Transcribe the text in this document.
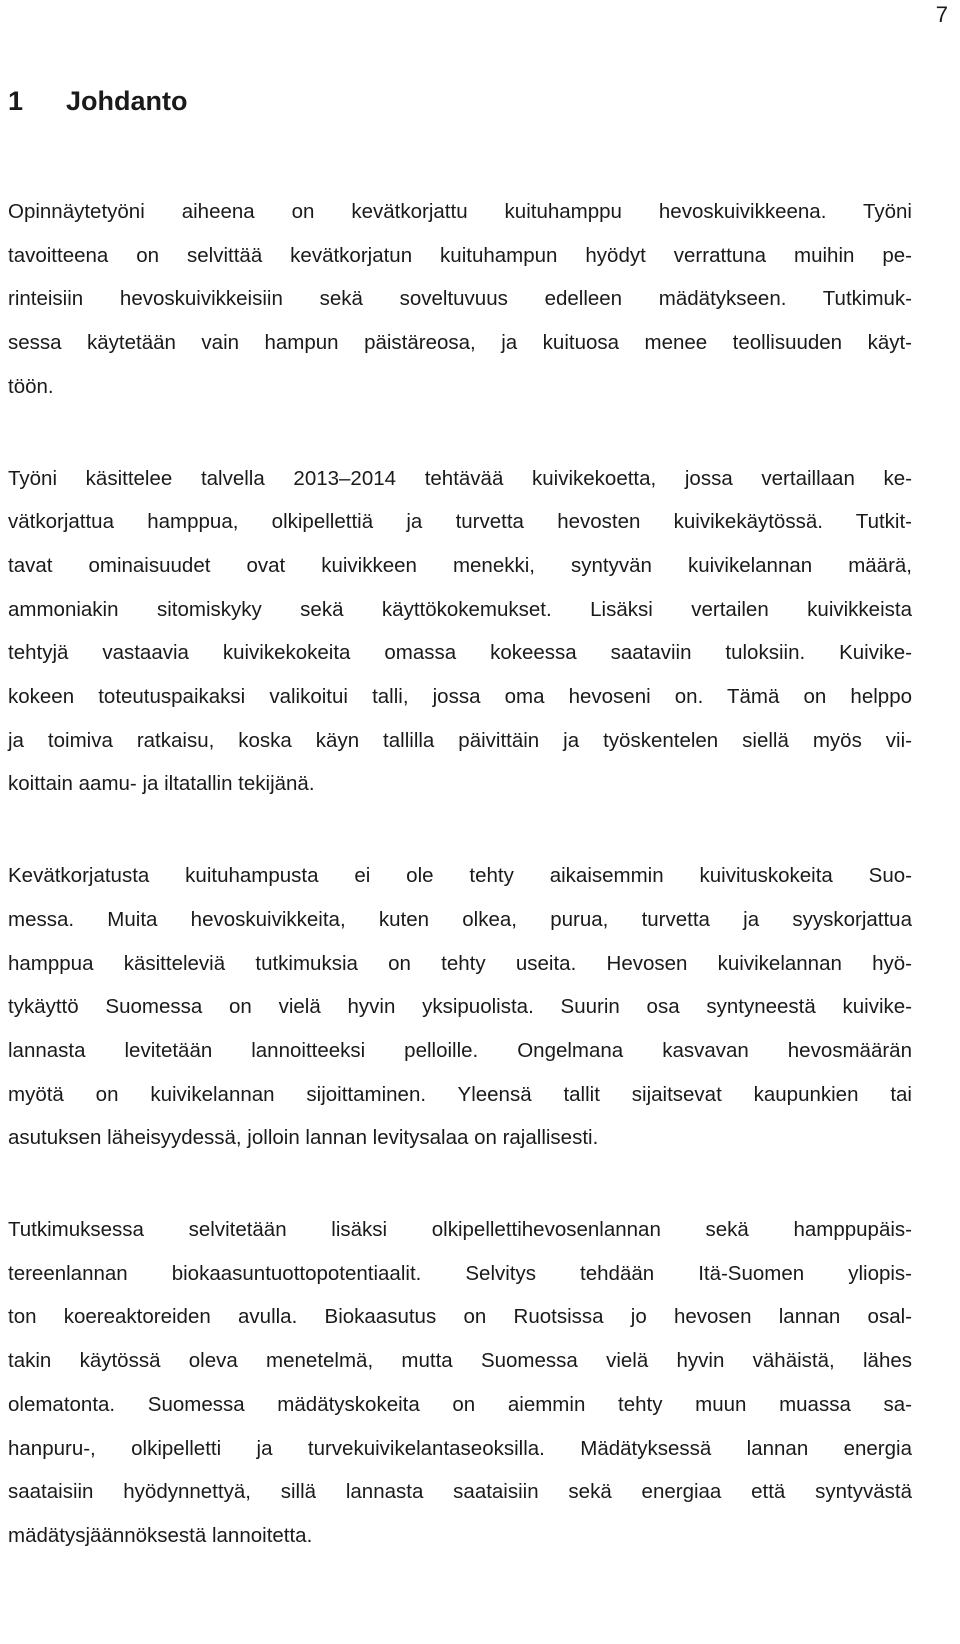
7
1 Johdanto

Opinnäytetyöni aiheena on kevätkorjattu kuituhamppu hevoskuivikkeena. Työni
tavoitteena on selvittää kevätkorjatun kuituhampun hyödyt verrattuna muihin pe-
rinteisiin hevoskuivikkeisiin sekä soveltuvuus edelleen mädätykseen. Tutkimuk-
sessa käytetään vain hampun päistäreosa, ja kuituosa menee teollisuuden käyt-
töön.

Työni käsittelee talvella 2013–2014 tehtävää kuivikekoetta, jossa vertaillaan ke-
vätkorjattua hamppua, olkipellettiä ja turvetta hevosten kuivikekäytössä. Tutkit-
tavat ominaisuudet ovat kuivikkeen menekki, syntyvän kuivikelannan määrä,
ammoniakin sitomiskyky sekä käyttökokemukset. Lisäksi vertailen kuivikkeista
tehtyjä vastaavia kuivikekokeita omassa kokeessa saataviin tuloksiin. Kuivike-
kokeen toteutuspaikaksi valikoitui talli, jossa oma hevoseni on. Tämä on helppo
ja toimiva ratkaisu, koska käyn tallilla päivittäin ja työskentelen siellä myös vii-
koittain aamu- ja iltatallin tekijänä.

Kevätkorjatusta kuituhampusta ei ole tehty aikaisemmin kuivituskokeita Suo-
messa. Muita hevoskuivikkeita, kuten olkea, purua, turvetta ja syyskorjattua
hamppua käsitteleviä tutkimuksia on tehty useita. Hevosen kuivikelannan hyö-
tykäyttö Suomessa on vielä hyvin yksipuolista. Suurin osa syntyneestä kuivike-
lannasta levitetään lannoitteeksi pelloille. Ongelmana kasvavan hevosmäärän
myötä on kuivikelannan sijoittaminen. Yleensä tallit sijaitsevat kaupunkien tai
asutuksen läheisyydessä, jolloin lannan levitysalaa on rajallisesti.

Tutkimuksessa selvitetään lisäksi olkipellettihevosenlannan sekä hamppupäis-
tereenlannan biokaasuntuottopotentiaalit. Selvitys tehdään Itä-Suomen yliopis-
ton koereaktoreiden avulla. Biokaasutus on Ruotsissa jo hevosen lannan osal-
takin käytössä oleva menetelmä, mutta Suomessa vielä hyvin vähäistä, lähes
olematonta. Suomessa mädätyskokeita on aiemmin tehty muun muassa sa-
hanpuru-, olkipelletti ja turvekuivikelantaseoksilla. Mädätyksessä lannan energia
saataisiin hyödynnettyä, sillä lannasta saataisiin sekä energiaa että syntyvästä
mädätysjäännöksestä lannoitetta.
